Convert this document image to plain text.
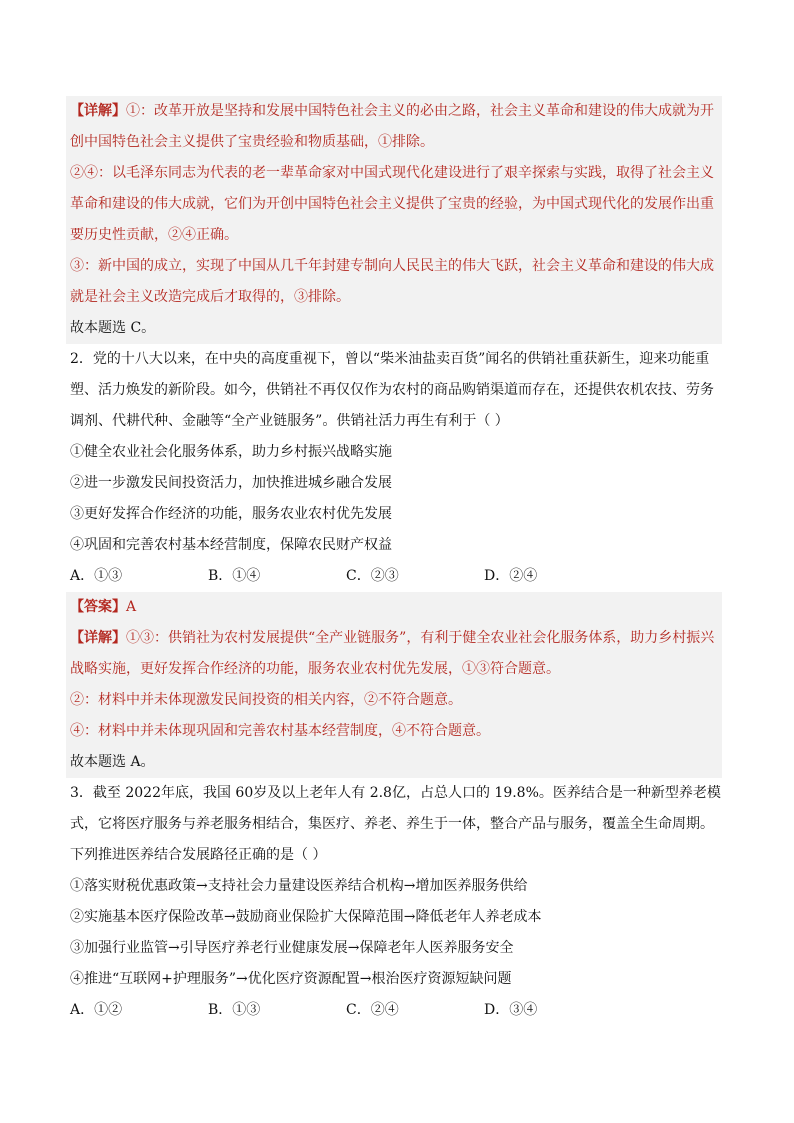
【详解】①：改革开放是坚持和发展中国特色社会主义的必由之路，社会主义革命和建设的伟大成就为开
创中国特色社会主义提供了宝贵经验和物质基础，①排除。
②④：以毛泽东同志为代表的老一辈革命家对中国式现代化建设进行了艰辛探索与实践，取得了社会主义
革命和建设的伟大成就，它们为开创中国特色社会主义提供了宝贵的经验，为中国式现代化的发展作出重
要历史性贡献，②④正确。
③：新中国的成立，实现了中国从几千年封建专制向人民民主的伟大飞跃，社会主义革命和建设的伟大成
就是社会主义改造完成后才取得的，③排除。
故本题选 C。
2．党的十八大以来，在中央的高度重视下，曾以“柴米油盐卖百货”闻名的供销社重获新生，迎来功能重
塑、活力焕发的新阶段。如今，供销社不再仅仅作为农村的商品购销渠道而存在，还提供农机农技、劳务
调剂、代耕代种、金融等“全产业链服务”。供销社活力再生有利于（ ）
①健全农业社会化服务体系，助力乡村振兴战略实施
②进一步激发民间投资活力，加快推进城乡融合发展
③更好发挥合作经济的功能，服务农业农村优先发展
④巩固和完善农村基本经营制度，保障农民财产权益
A．①③	B．①④	C．②③	D．②④
【答案】A
【详解】①③：供销社为农村发展提供“全产业链服务”，有利于健全农业社会化服务体系，助力乡村振兴
战略实施，更好发挥合作经济的功能，服务农业农村优先发展，①③符合题意。
②：材料中并未体现激发民间投资的相关内容，②不符合题意。
④：材料中并未体现巩固和完善农村基本经营制度，④不符合题意。
故本题选 A。
3．截至 2022年底，我国 60岁及以上老年人有 2.8亿，占总人口的 19.8%。医养结合是一种新型养老模
式，它将医疗服务与养老服务相结合，集医疗、养老、养生于一体，整合产品与服务，覆盖全生命周期。
下列推进医养结合发展路径正确的是（ ）
①落实财税优惠政策→支持社会力量建设医养结合机构→增加医养服务供给
②实施基本医疗保险改革→鼓励商业保险扩大保障范围→降低老年人养老成本
③加强行业监管→引导医疗养老行业健康发展→保障老年人医养服务安全
④推进“互联网+护理服务”→优化医疗资源配置→根治医疗资源短缺问题
A．①②	B．①③	C．②④	D．③④
